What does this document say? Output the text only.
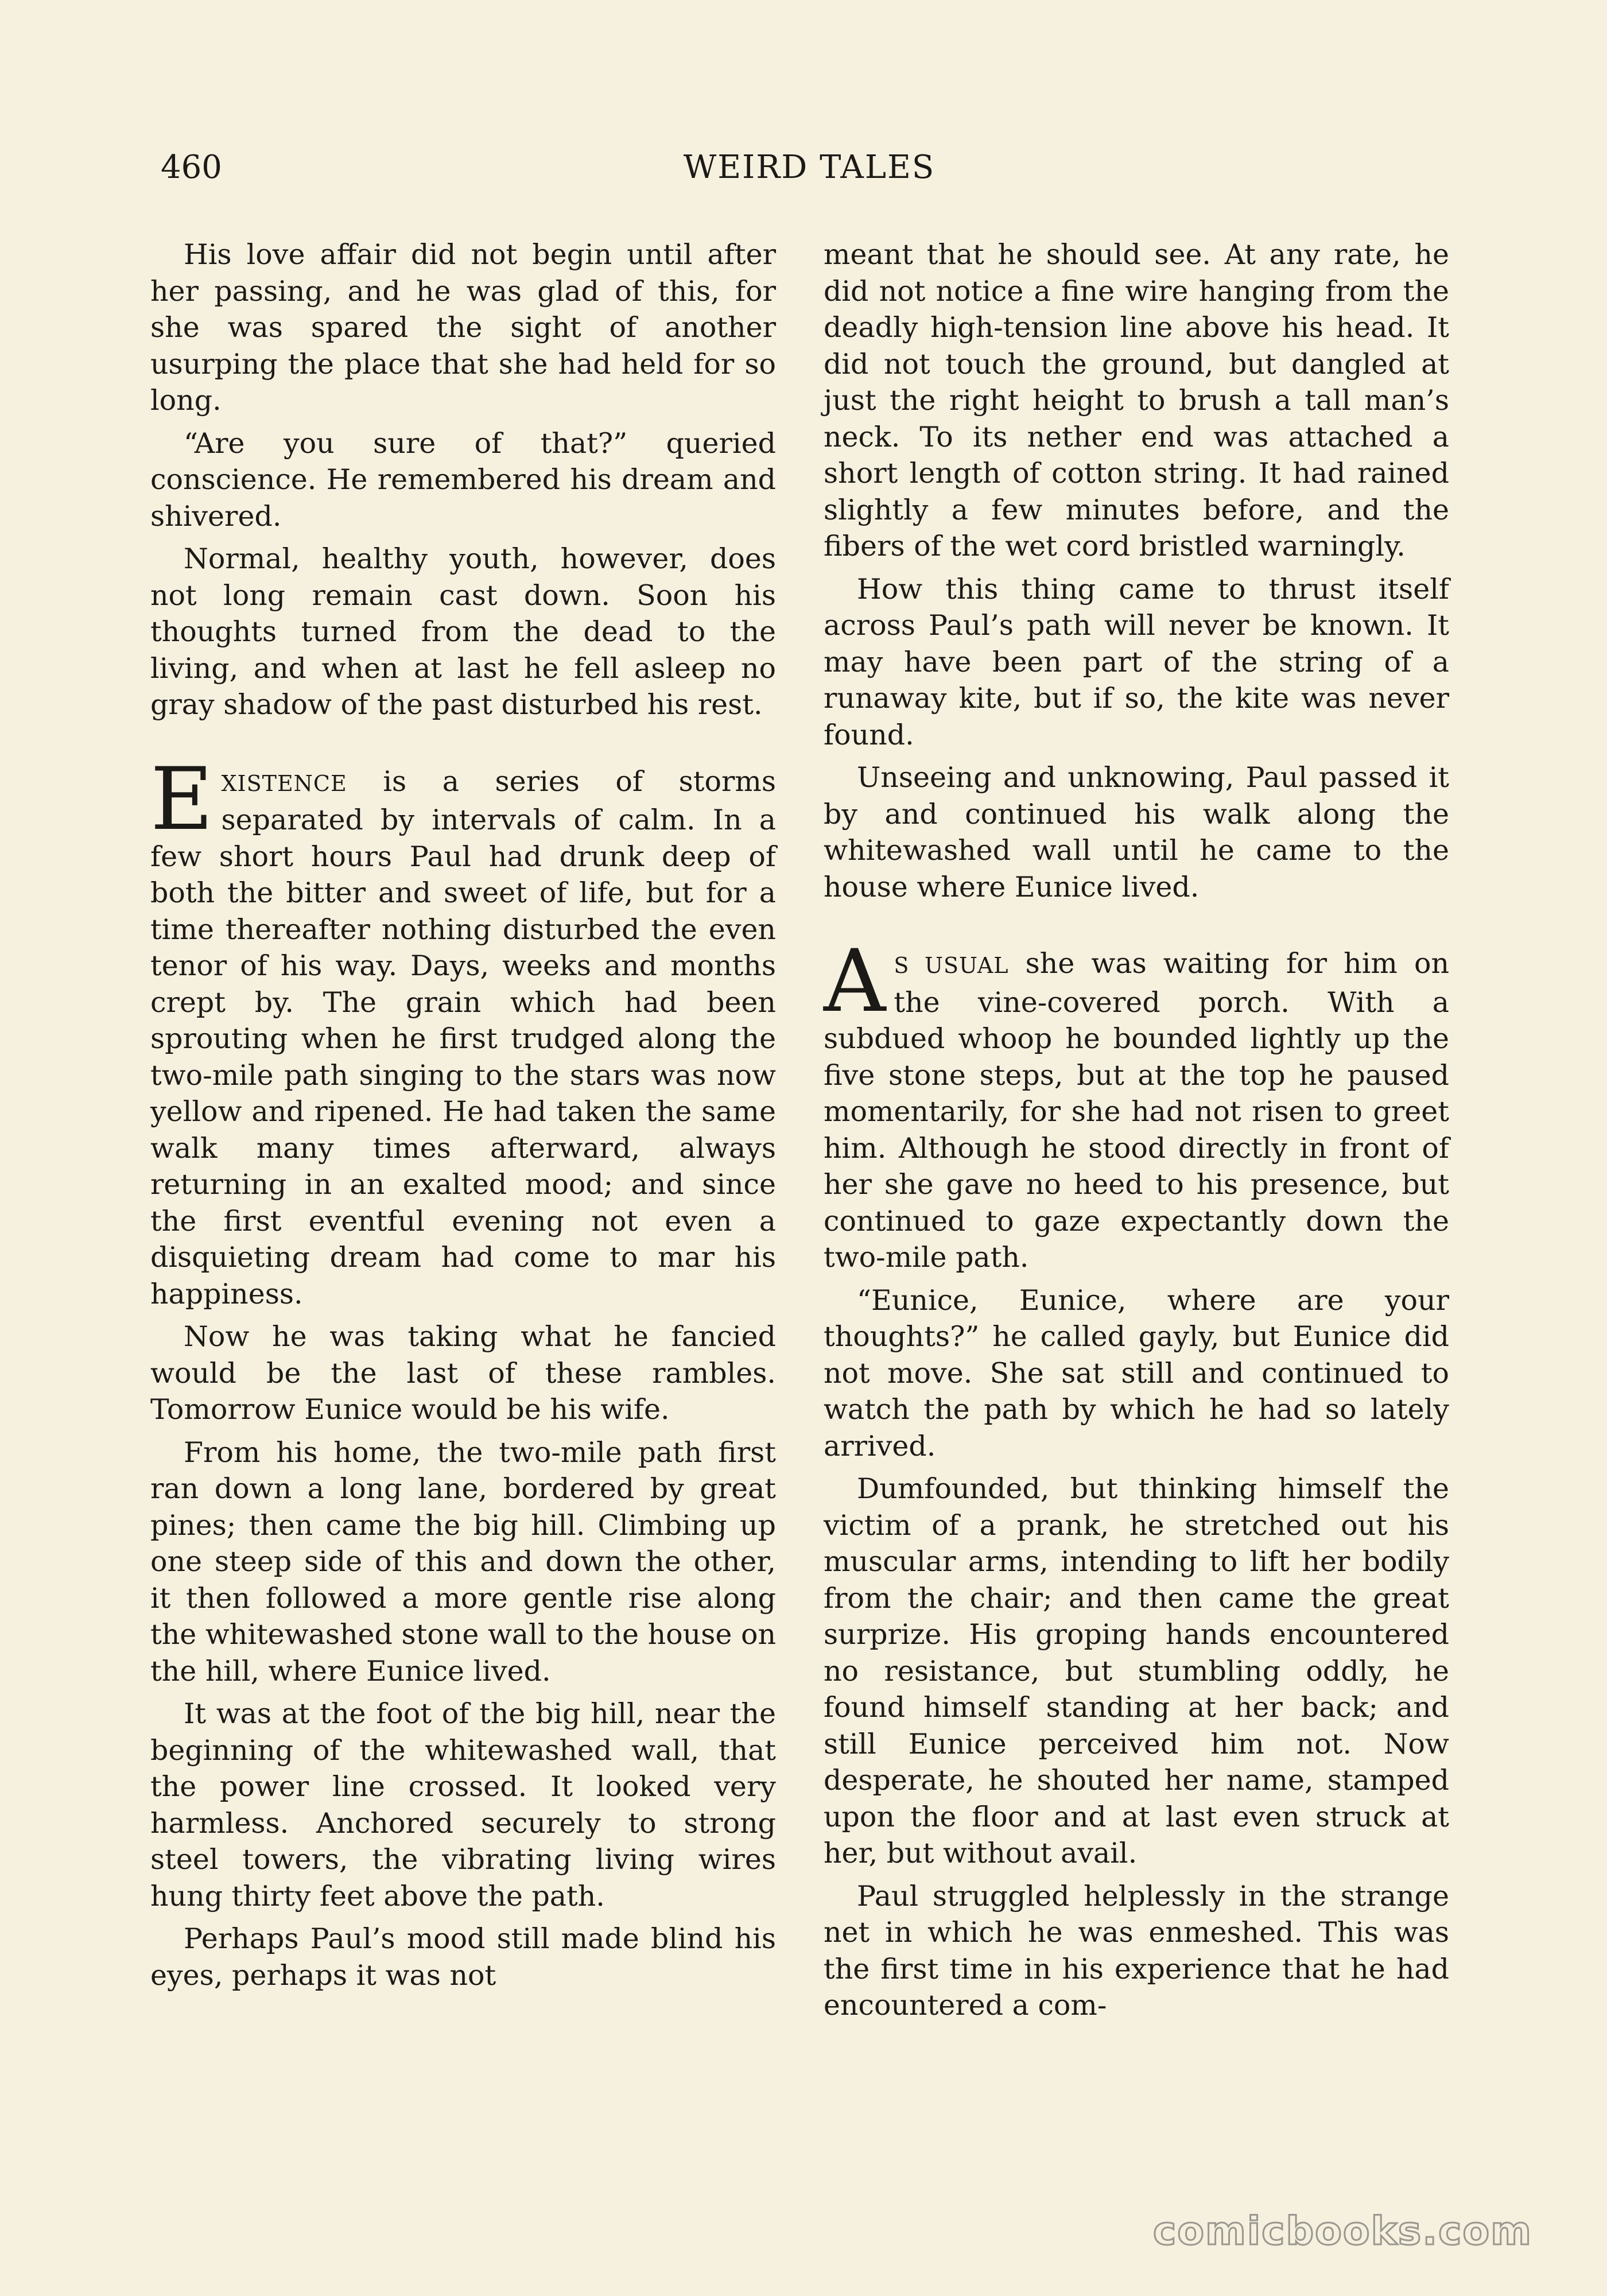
460	WEIRD TALES

His love affair did not begin until after her passing, and he was glad of this, for she was spared the sight of another usurping the place that she had held for so long.

“Are you sure of that?” queried conscience. He remembered his dream and shivered.

Normal, healthy youth, however, does not long remain cast down. Soon his thoughts turned from the dead to the living, and when at last he fell asleep no gray shadow of the past disturbed his rest.

EXISTENCE is a series of storms separated by intervals of calm. In a few short hours Paul had drunk deep of both the bitter and sweet of life, but for a time thereafter nothing disturbed the even tenor of his way. Days, weeks and months crept by. The grain which had been sprouting when he first trudged along the two-mile path singing to the stars was now yellow and ripened. He had taken the same walk many times afterward, always returning in an exalted mood; and since the first eventful evening not even a disquieting dream had come to mar his happiness.

Now he was taking what he fancied would be the last of these rambles. Tomorrow Eunice would be his wife.

From his home, the two-mile path first ran down a long lane, bordered by great pines; then came the big hill. Climbing up one steep side of this and down the other, it then followed a more gentle rise along the whitewashed stone wall to the house on the hill, where Eunice lived.

It was at the foot of the big hill, near the beginning of the whitewashed wall, that the power line crossed. It looked very harmless. Anchored securely to strong steel towers, the vibrating living wires hung thirty feet above the path.

Perhaps Paul’s mood still made blind his eyes, perhaps it was not

meant that he should see. At any rate, he did not notice a fine wire hanging from the deadly high-tension line above his head. It did not touch the ground, but dangled at just the right height to brush a tall man’s neck. To its nether end was attached a short length of cotton string. It had rained slightly a few minutes before, and the fibers of the wet cord bristled warningly.

How this thing came to thrust itself across Paul’s path will never be known. It may have been part of the string of a runaway kite, but if so, the kite was never found.

Unseeing and unknowing, Paul passed it by and continued his walk along the whitewashed wall until he came to the house where Eunice lived.

A S USUAL she was waiting for him on the vine-covered porch. With a subdued whoop he bounded lightly up the five stone steps, but at the top he paused momentarily, for she had not risen to greet him. Although he stood directly in front of her she gave no heed to his presence, but continued to gaze expectantly down the two-mile path.

“Eunice, Eunice, where are your thoughts?” he called gayly, but Eunice did not move. She sat still and continued to watch the path by which he had so lately arrived.

Dumfounded, but thinking himself the victim of a prank, he stretched out his muscular arms, intending to lift her bodily from the chair; and then came the great surprize. His groping hands encountered no resistance, but stumbling oddly, he found himself standing at her back; and still Eunice perceived him not. Now desperate, he shouted her name, stamped upon the floor and at last even struck at her, but without avail.

Paul struggled helplessly in the strange net in which he was enmeshed. This was the first time in his experience that he had encountered a com-

comicbooks.com
